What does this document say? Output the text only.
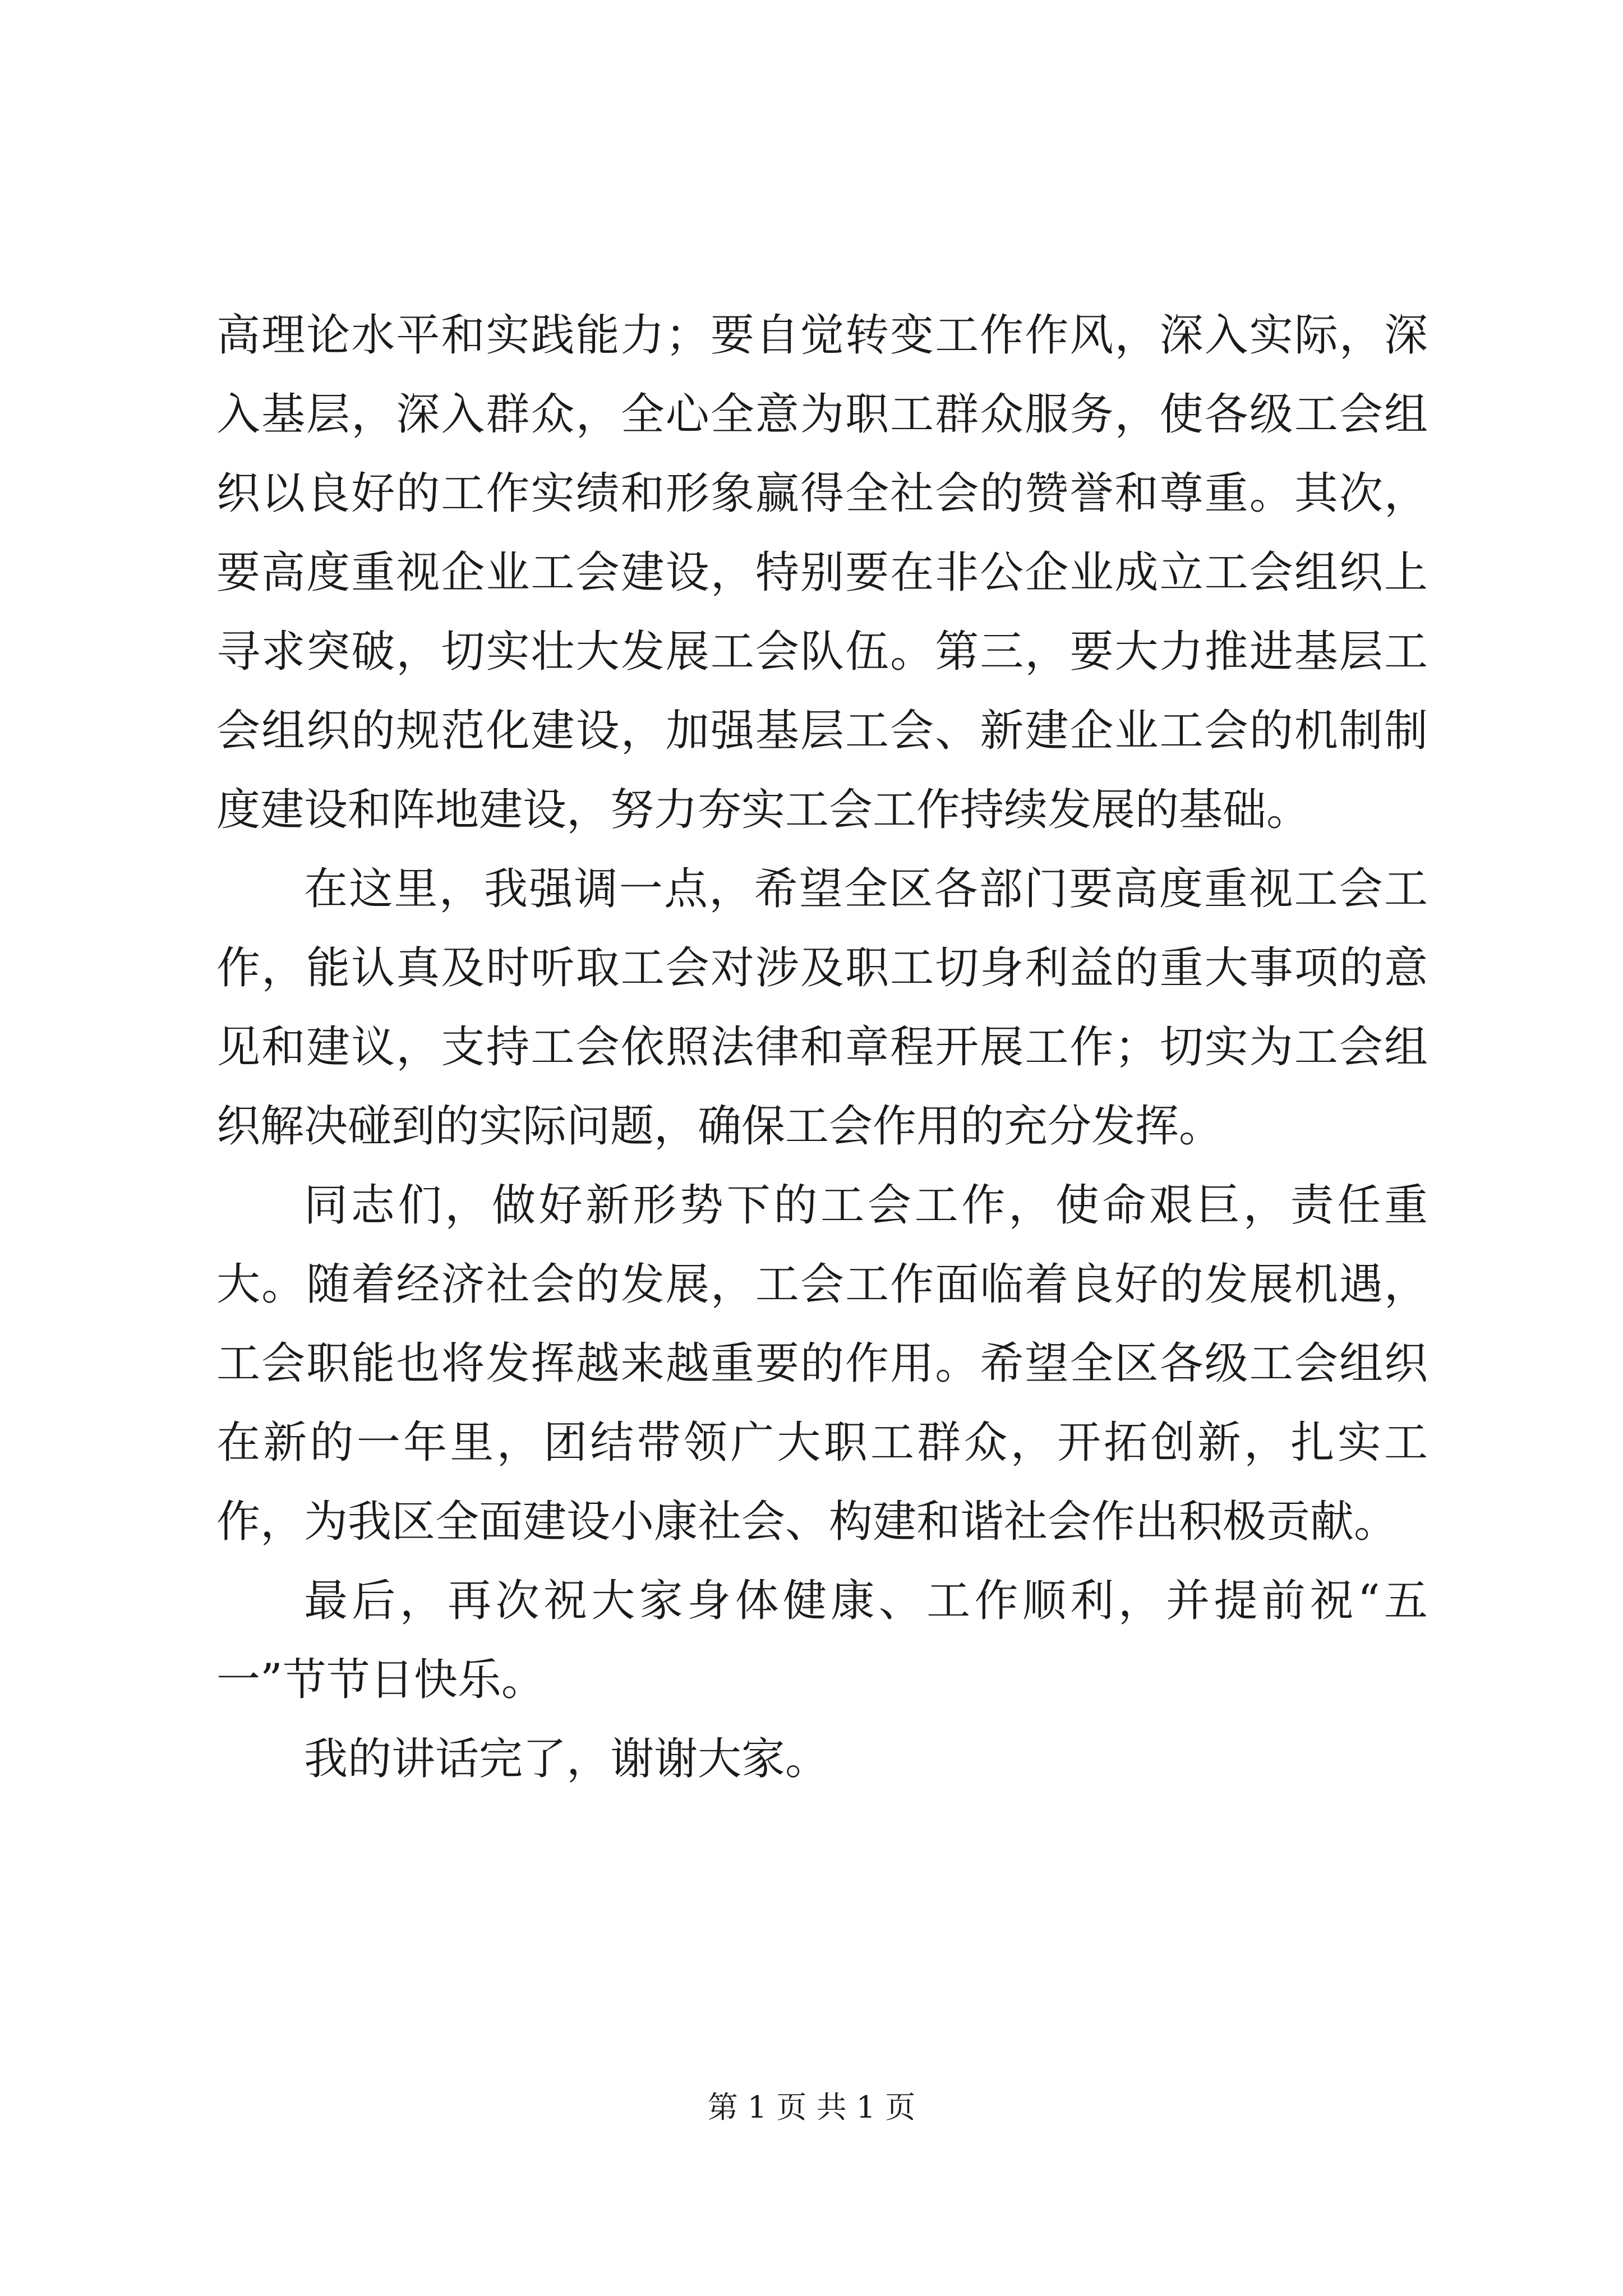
高理论水平和实践能力；要自觉转变工作作风，深入实际，深入基层，深入群众，全心全意为职工群众服务，使各级工会组织以良好的工作实绩和形象赢得全社会的赞誉和尊重。其次，要高度重视企业工会建设，特别要在非公企业成立工会组织上寻求突破，切实壮大发展工会队伍。第三，要大力推进基层工会组织的规范化建设，加强基层工会、新建企业工会的机制制度建设和阵地建设，努力夯实工会工作持续发展的基础。

在这里，我强调一点，希望全区各部门要高度重视工会工作，能认真及时听取工会对涉及职工切身利益的重大事项的意见和建议，支持工会依照法律和章程开展工作；切实为工会组织解决碰到的实际问题，确保工会作用的充分发挥。

同志们，做好新形势下的工会工作，使命艰巨，责任重大。随着经济社会的发展，工会工作面临着良好的发展机遇，工会职能也将发挥越来越重要的作用。希望全区各级工会组织在新的一年里，团结带领广大职工群众，开拓创新，扎实工作，为我区全面建设小康社会、构建和谐社会作出积极贡献。

最后，再次祝大家身体健康、工作顺利，并提前祝“五一”节节日快乐。

我的讲话完了，谢谢大家。

第 1 页 共 1 页
